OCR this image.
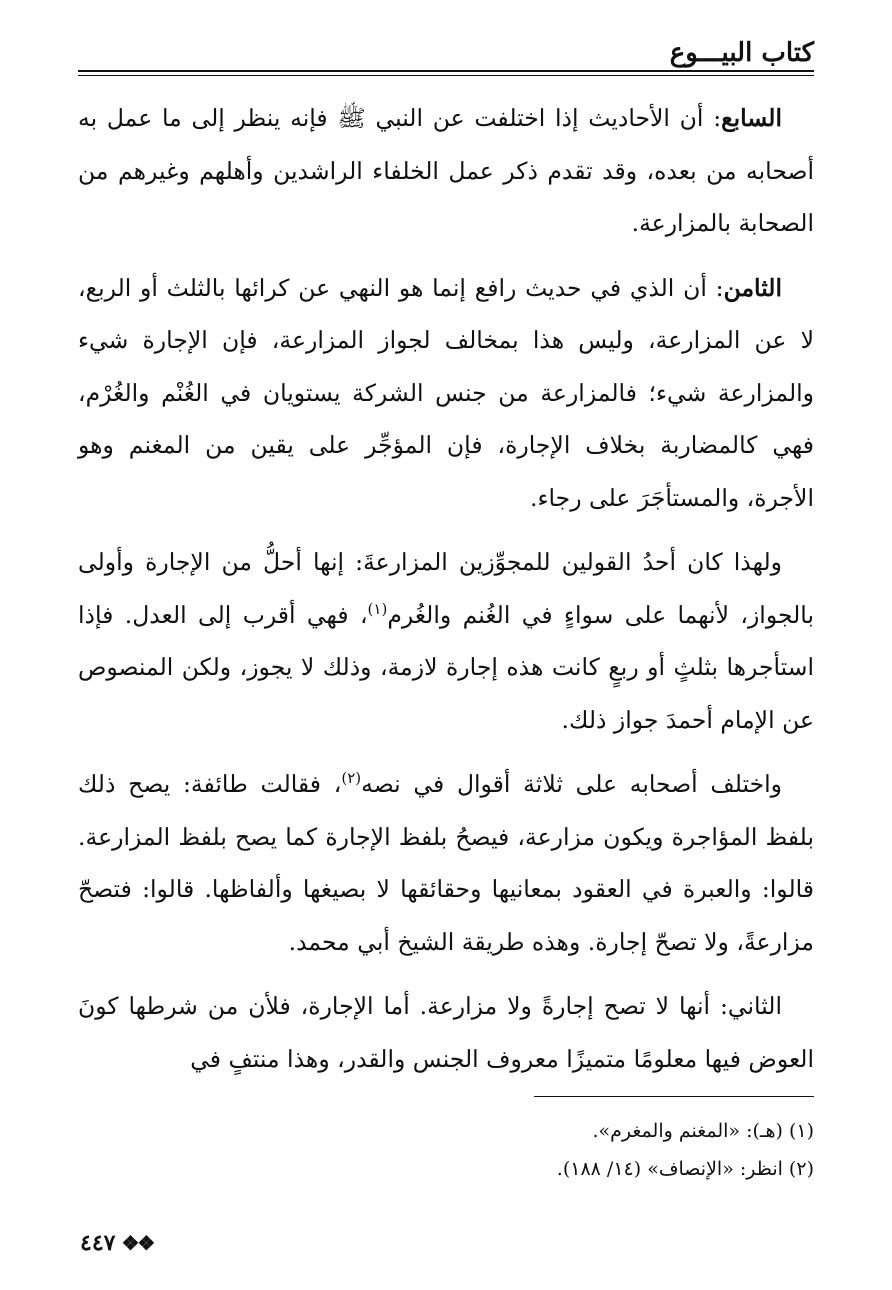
كتاب البيـــوع

السابع: أن الأحاديث إذا اختلفت عن النبي ﷺ فإنه ينظر إلى ما عمل به أصحابه من بعده، وقد تقدم ذكر عمل الخلفاء الراشدين وأهلهم وغيرهم من الصحابة بالمزارعة.

الثامن: أن الذي في حديث رافع إنما هو النهي عن كرائها بالثلث أو الربع، لا عن المزارعة، وليس هذا بمخالف لجواز المزارعة، فإن الإجارة شيء والمزارعة شيء؛ فالمزارعة من جنس الشركة يستويان في الغُنْم والغُرْم، فهي كالمضاربة بخلاف الإجارة، فإن المؤجِّر على يقين من المغنم وهو الأجرة، والمستأجَرَ على رجاء.

ولهذا كان أحدُ القولين للمجوِّزين المزارعةَ: إنها أحلُّ من الإجارة وأولى بالجواز، لأنهما على سواءٍ في الغُنم والغُرم$^{(١)}$، فهي أقرب إلى العدل. فإذا استأجرها بثلثٍ أو ربعٍ كانت هذه إجارة لازمة، وذلك لا يجوز، ولكن المنصوص عن الإمام أحمدَ جواز ذلك.

واختلف أصحابه على ثلاثة أقوال في نصه$^{(٢)}$، فقالت طائفة: يصح ذلك بلفظ المؤاجرة ويكون مزارعة، فيصحُ بلفظ الإجارة كما يصح بلفظ المزارعة. قالوا: والعبرة في العقود بمعانيها وحقائقها لا بصيغها وألفاظها. قالوا: فتصحّ مزارعةً، ولا تصحّ إجارة. وهذه طريقة الشيخ أبي محمد.

الثاني: أنها لا تصح إجارةً ولا مزارعة. أما الإجارة، فلأن من شرطها كونَ العوض فيها معلومًا متميزًا معروف الجنس والقدر، وهذا منتفٍ في

(١) (هـ): «المغنم والمغرم».

(٢) انظر: «الإنصاف» (١٤/ ١٨٨).

❖❖
٤٤٧
